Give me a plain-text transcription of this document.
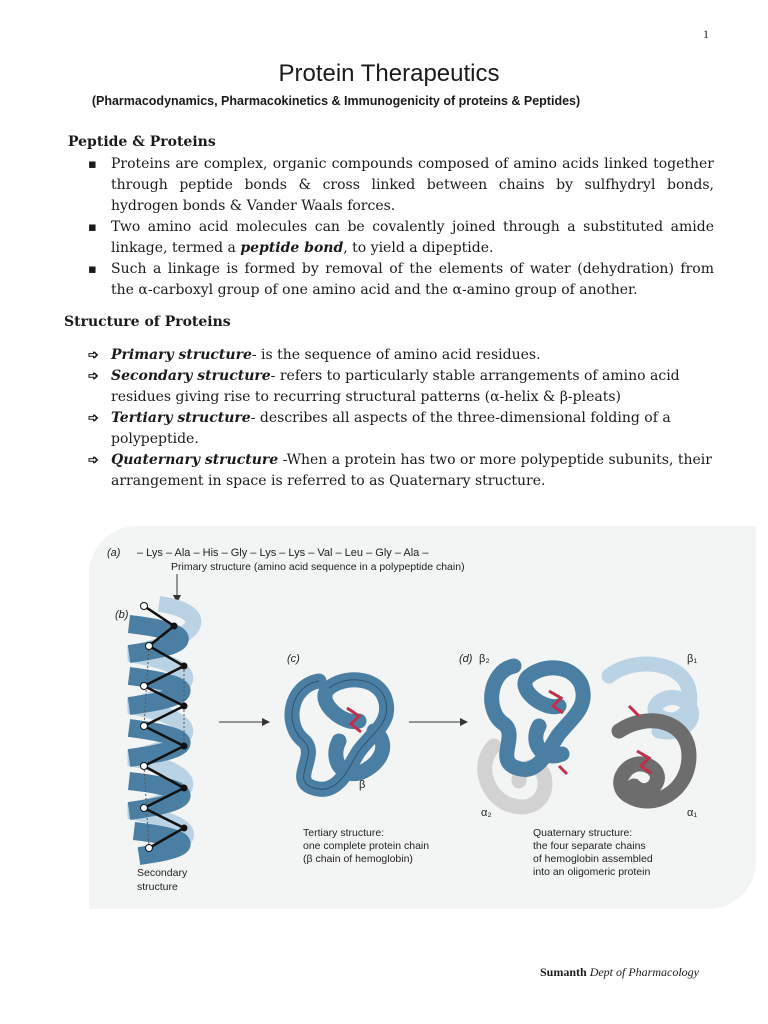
1
Protein Therapeutics
(Pharmacodynamics, Pharmacokinetics & Immunogenicity of proteins & Peptides)
Peptide & Proteins
▪ Proteins are complex, organic compounds composed of amino acids linked together through peptide bonds & cross linked between chains by sulfhydryl bonds, hydrogen bonds & Vander Waals forces.
▪ Two amino acid molecules can be covalently joined through a substituted amide linkage, termed a peptide bond, to yield a dipeptide.
▪ Such a linkage is formed by removal of the elements of water (dehydration) from the α-carboxyl group of one amino acid and the α-amino group of another.
Structure of Proteins
➩ Primary structure- is the sequence of amino acid residues.
➩ Secondary structure- refers to particularly stable arrangements of amino acid residues giving rise to recurring structural patterns (α-helix & β-pleats)
➩ Tertiary structure- describes all aspects of the three-dimensional folding of a polypeptide.
➩ Quaternary structure -When a protein has two or more polypeptide subunits, their arrangement in space is referred to as Quaternary structure.
(a) – Lys – Ala – His – Gly – Lys – Lys – Val – Leu – Gly – Ala –
Primary structure (amino acid sequence in a polypeptide chain)
(b)
Secondary
structure
(c)
β
Tertiary structure:
one complete protein chain
(β chain of hemoglobin)
(d) β₂	β₁
α₂	α₁
Quaternary structure:
the four separate chains
of hemoglobin assembled
into an oligomeric protein
Sumanth Dept of Pharmacology
